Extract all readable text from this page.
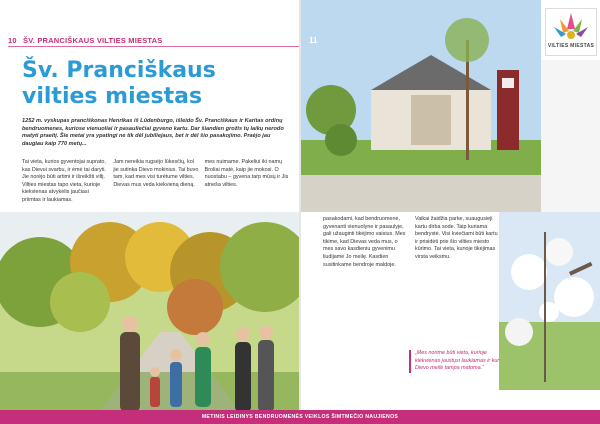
10 ŠV. PRANCIŠKAUS VILTIES MIESTAS
Šv. Pranciškaus vilties miestas
1252 m. vyskupas pranciškonas Henrikas iš Lūdenburgo, išleido Šv. Pranciškaus ir Karitas ordinų bendruomenes, kuriose vienuoliai ir pasauliečiai gyveno kartu. Dar šiandien grožis tų laikų nerodo matyti praeitį. Šie metai yra ypatingi ne tik dėl jubiliejaus, bet ir dėl šio pasakojimo. Praėjo jau daugiau kaip 770 metų...
Tai vieta, kurios gyventojai suprato, kas Dievui svarbu, ir ėmė tai daryti. Jie norėjo būti artimi ir išreikšti viltį. Vilties miestas tapo vieta, kurioje kiekvienas atvykėlis jaučiasi priimtas ir laukiamas.
Jam nereikia rugsėjo lūkesčių, kol jie sutinka Dievo mokinius. Tai buvo tam, kad mes visi turėtume vilties. Dievas mus veda kiekvieną dieną.
mes nuimame. Pakeliui iki namų Broliai matė, kaip jie mokosi. O nuostabu – gyvena tarp mūsų ir Jis atneša vilties.
11
VILTIES MIESTAS
pasakodami, kad bendruomenė, gyvenanti vienuolyne ir pasaulyje, gali užauginti tikėjimo vaisius. Mes tikime, kad Dievas veda mus, o mes savo kasdieniu gyvenimu liudijame Jo meilę. Kasdien susitinkame bendroje maldoje.
Vaikai žaidžia parke, suaugusieji kartu dirba sode. Taip kuriama bendrystė. Visi kviečiami būti kartu ir prisidėti prie šio vilties miesto kūrimo. Tai vieta, kurioje tikėjimas virsta veiksmu.
„Mes norime būti vieta, kurioje kiekvienas jaustųsi laukiamas ir kur Dievo meilė tampa matoma.“
METINIS LEIDINYS BENDRUOMENĖS VEIKLOS ŠIMTMEČIO NAUJIENOS
